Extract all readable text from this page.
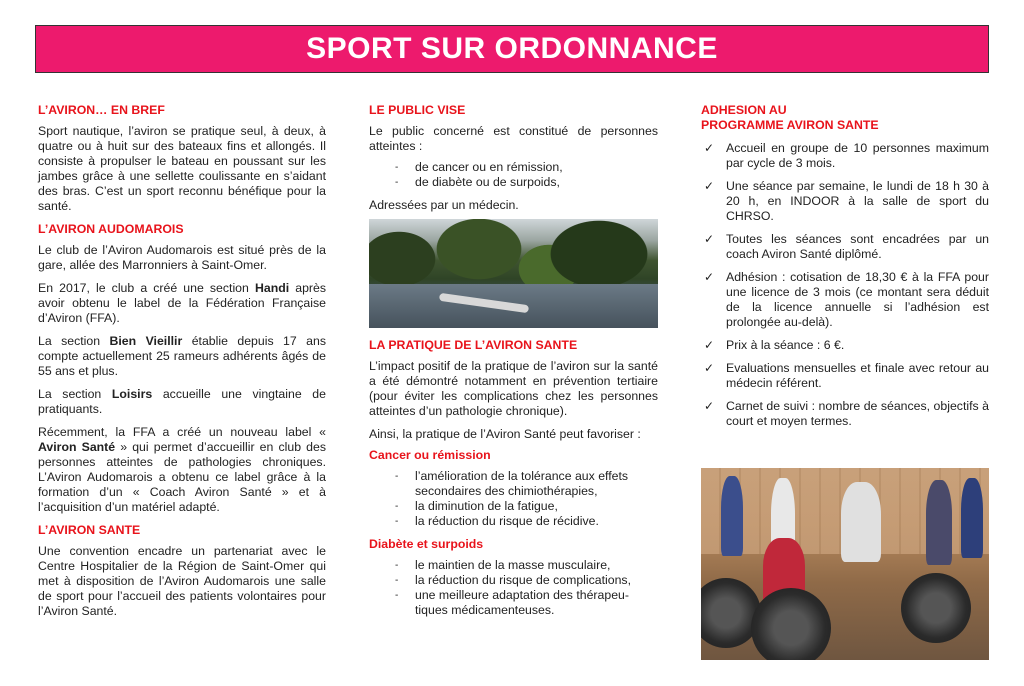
SPORT SUR ORDONNANCE
L’AVIRON… EN BREF

Sport nautique, l’aviron se pratique seul, à deux, à quatre ou à huit sur des bateaux fins et allongés. Il consiste à propulser le bateau en poussant sur les jambes grâce à une sellette coulissante en s’aidant des bras. C’est un sport reconnu bénéfique pour la santé.

L’AVIRON AUDOMAROIS

Le club de l’Aviron Audomarois est situé près de la gare, allée des Marronniers à Saint-Omer.

En 2017, le club a créé une section Handi après avoir obtenu le label de la Fédération Française d’Aviron (FFA).

La section Bien Vieillir établie depuis 17 ans compte actuellement 25 rameurs adhérents âgés de 55 ans et plus.

La section Loisirs accueille une vingtaine de pratiquants.

Récemment, la FFA a créé un nouveau label « Aviron Santé » qui permet d’accueillir en club des personnes atteintes de pathologies chroniques. L’Aviron Audomarois a obtenu ce label grâce à la formation d’un « Coach Aviron Santé » et à l’acquisition d’un matériel adapté.

L’AVIRON SANTE

Une convention encadre un partenariat avec le Centre Hospitalier de la Région de Saint-Omer qui met à disposition de l’Aviron Audomarois une salle de sport pour l’accueil des patients volontaires pour l’Aviron Santé.

LE PUBLIC VISE

Le public concerné est constitué de personnes atteintes :

- de cancer ou en rémission,
- de diabète ou de surpoids,

Adressées par un médecin.

LA PRATIQUE DE L’AVIRON SANTE

L’impact positif de la pratique de l’aviron sur la santé a été démontré notamment en prévention tertiaire (pour éviter les complications chez les personnes atteintes d’un pathologie chronique).

Ainsi, la pratique de l’Aviron Santé peut favoriser :

Cancer ou rémission
- l’amélioration de la tolérance aux effets secondaires des chimiothérapies,
- la diminution de la fatigue,
- la réduction du risque de récidive.
Diabète et surpoids
- le maintien de la masse musculaire,
- la réduction du risque de complications,
- une meilleure adaptation des thérapeu-tiques médicamenteuses.
ADHESION AU
PROGRAMME AVIRON SANTE
✓ Accueil en groupe de 10 personnes maximum par cycle de 3 mois.
✓ Une séance par semaine, le lundi de 18 h 30 à 20 h, en INDOOR à la salle de sport du CHRSO.
✓ Toutes les séances sont encadrées par un coach Aviron Santé diplômé.
✓ Adhésion : cotisation de 18,30 € à la FFA pour une licence de 3 mois (ce montant sera déduit de la licence annuelle si l’adhésion est prolongée au-delà).
✓ Prix à la séance : 6 €.
✓ Evaluations mensuelles et finale avec retour au médecin référent.
✓ Carnet de suivi : nombre de séances, objectifs à court et moyen termes.
